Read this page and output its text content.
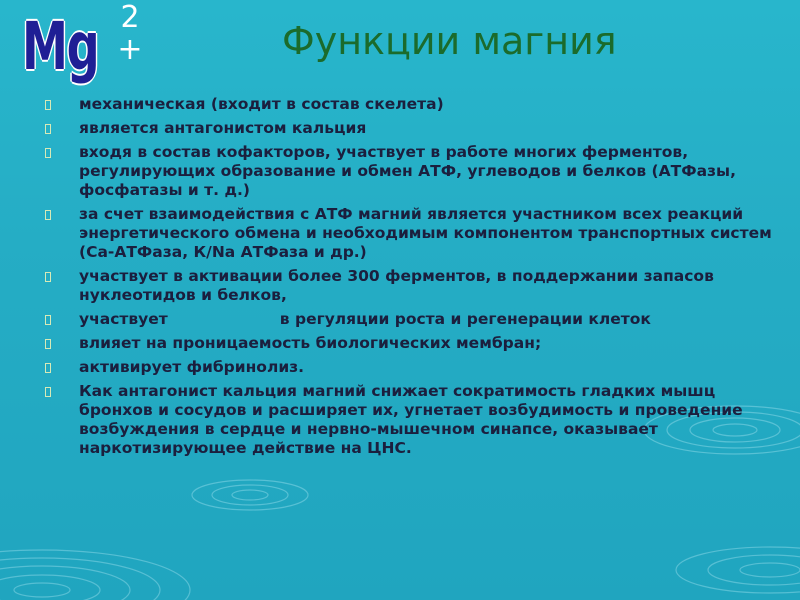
Mg 2+	Функции магния
механическая (входит в состав скелета)
является антагонистом кальция
входя в состав кофакторов, участвует в работе многих ферментов, регулирующих образование и обмен АТФ, углеводов и белков (АТФазы, фосфатазы и т. д.)
за счет взаимодействия с АТФ магний является участником всех реакций энергетического обмена и необходимым компонентом транспортных систем (Са-АТФаза, К/Na АТФаза и др.)
участвует в активации более 300 ферментов, в поддержании запасов нуклеотидов и белков,
участвует	в регуляции роста и регенерации клеток
влияет на проницаемость биологических мембран;
активирует фибринолиз.
Как антагонист кальция магний снижает сократимость гладких мышц бронхов и сосудов и расширяет их, угнетает возбудимость и проведение возбуждения в сердце и нервно-мышечном синапсе, оказывает наркотизирующее действие на ЦНС.
